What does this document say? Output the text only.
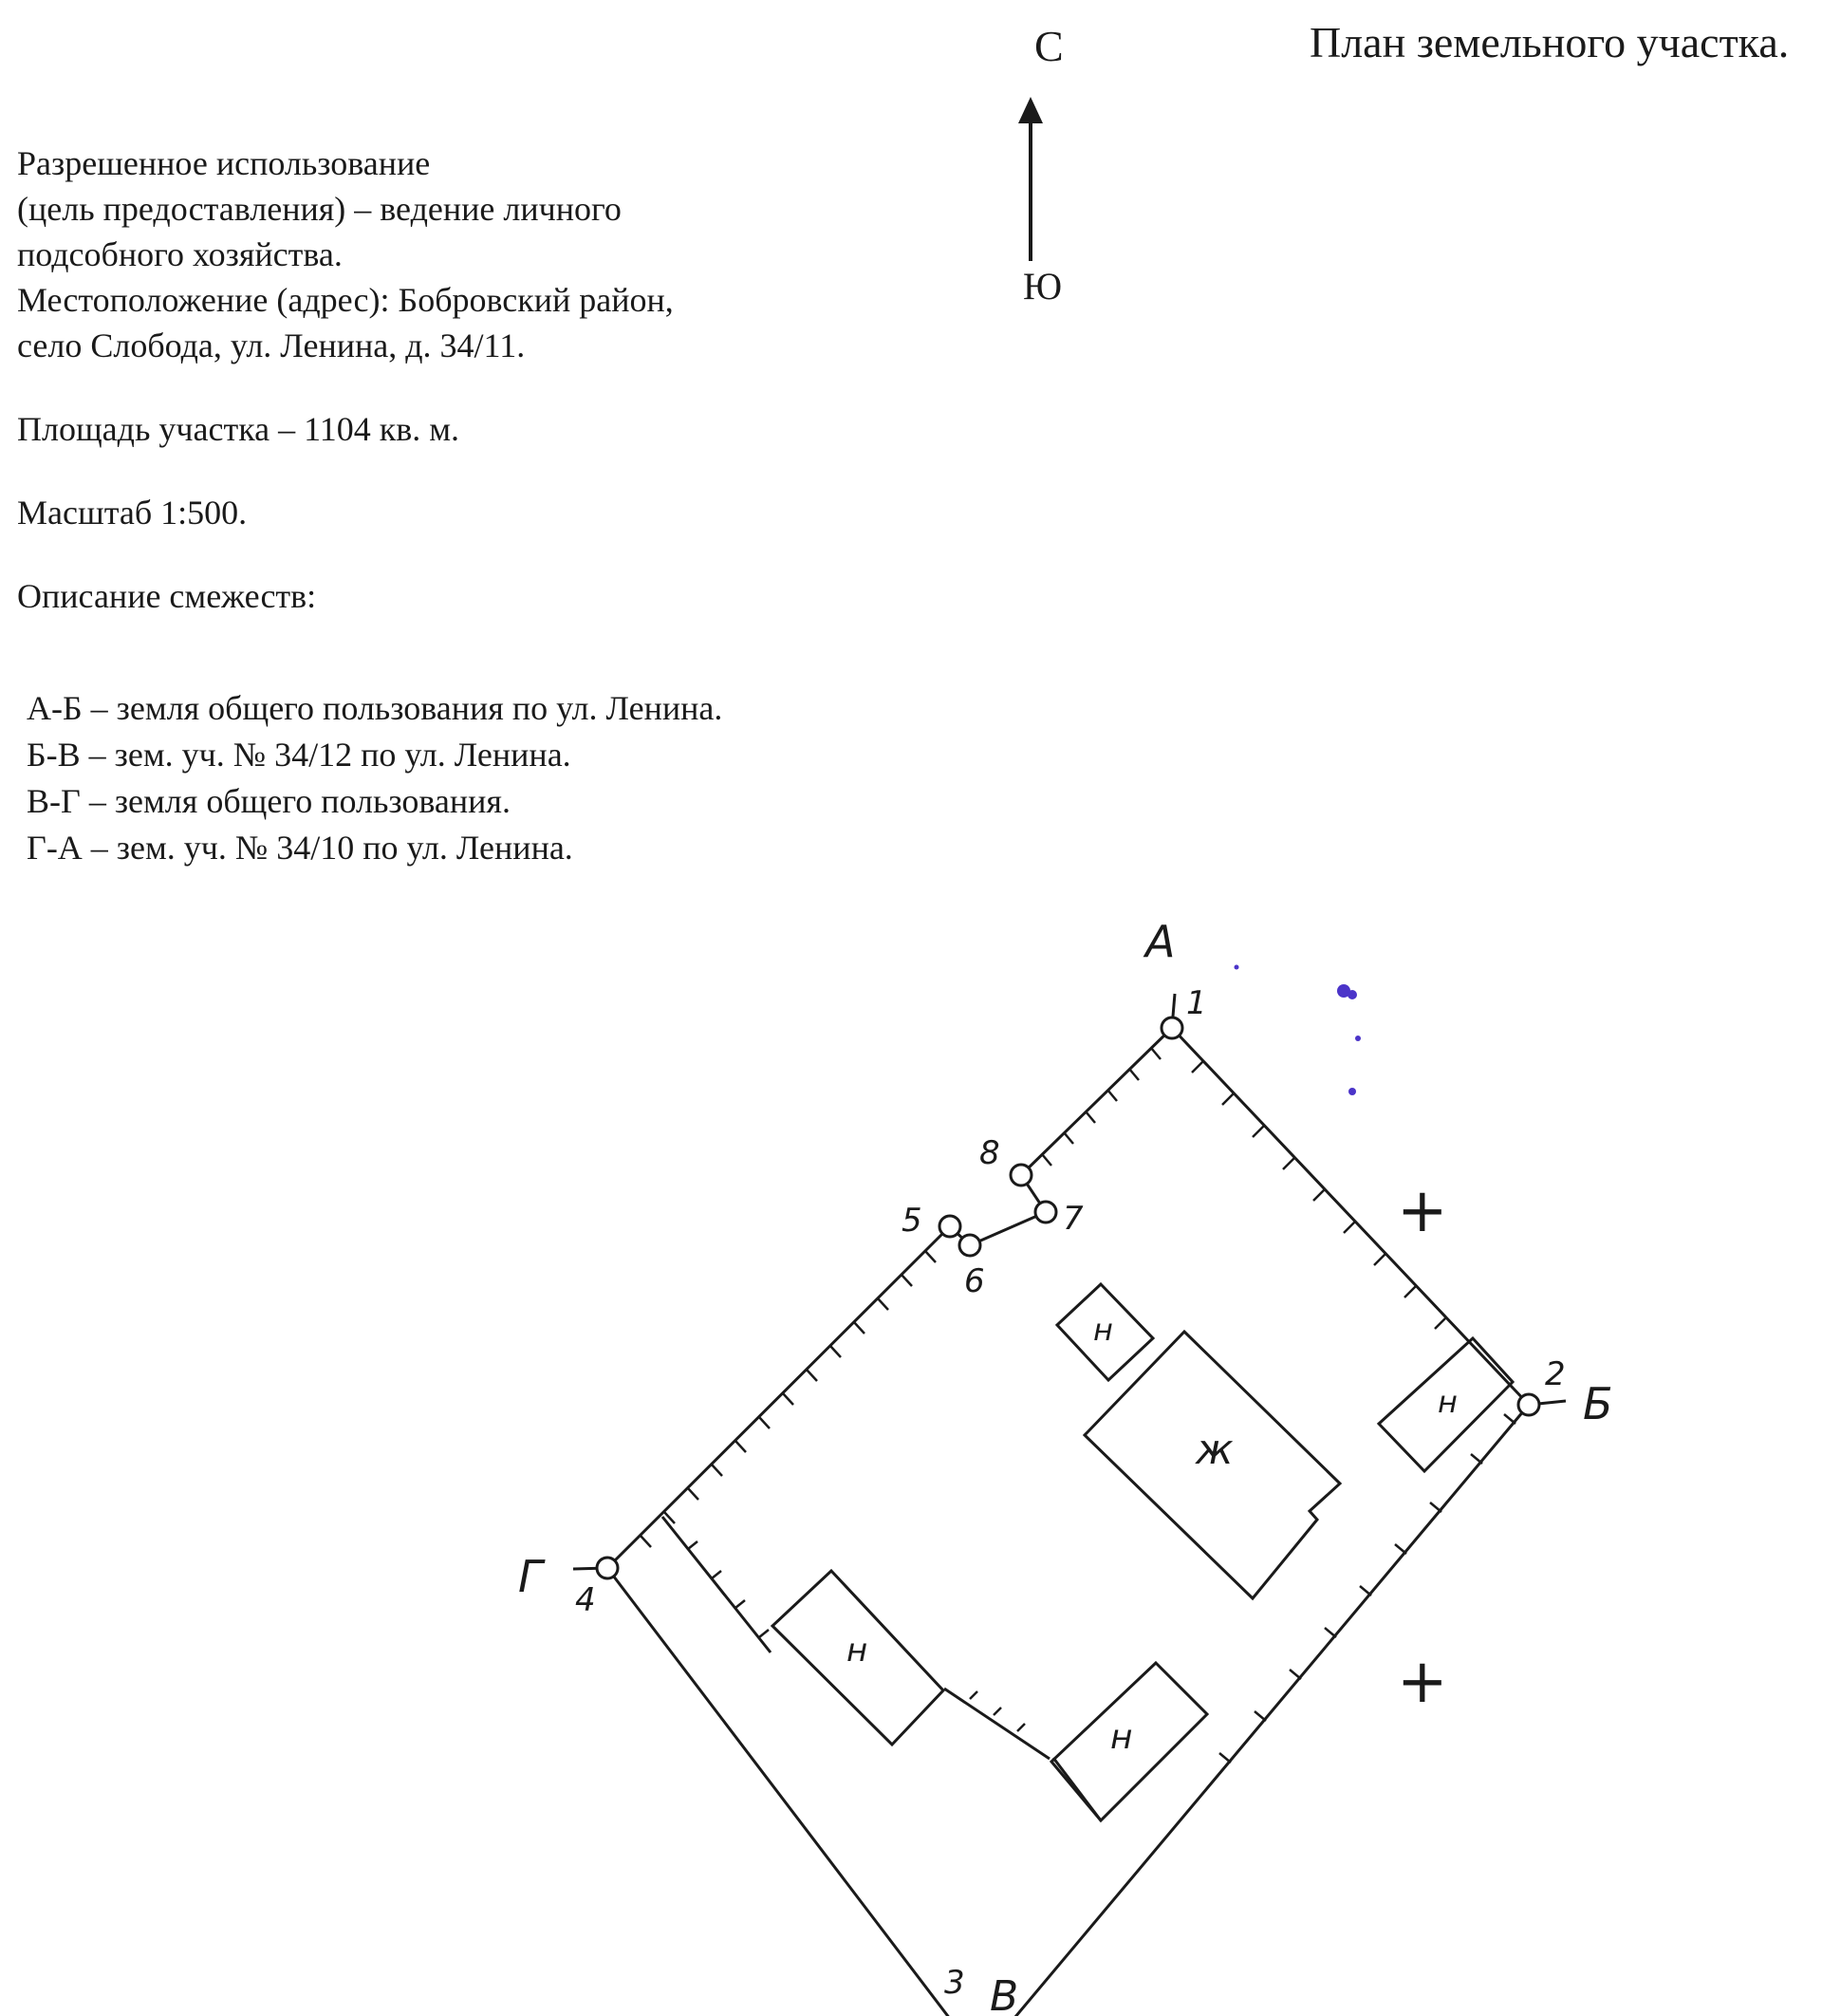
План земельного участка.
С
Ю
Разрешенное использование
(цель предоставления) – ведение личного
подсобного хозяйства.
Местоположение (адрес): Бобровский район,
село Слобода, ул. Ленина, д. 34/11.
Площадь участка – 1104 кв. м.
Масштаб 1:500.
Описание смежеств:
А-Б – земля общего пользования по ул. Ленина.
Б-В – зем. уч. № 34/12 по ул. Ленина.
В-Г – земля общего пользования.
Г-А – зем. уч. № 34/10 по ул. Ленина.
+
+
А
Б
В
Г
1
2
3
4
5
6
7
8
н
н
н
н
ж
